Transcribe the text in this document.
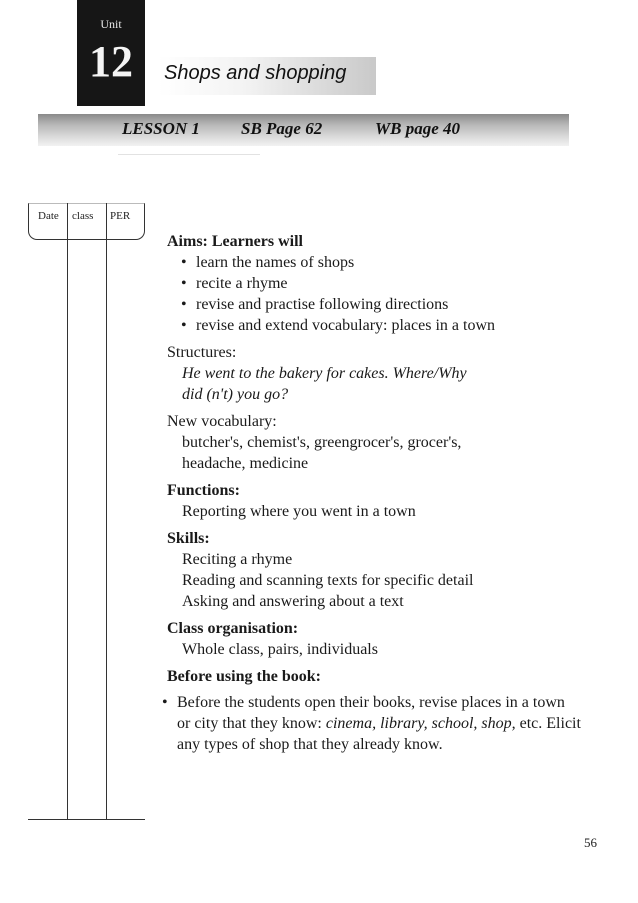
Unit
12	Shops and shopping
LESSON 1 SB Page 62	WB page 40
Date class PER
Aims: Learners will
• learn the names of shops
• recite a rhyme
• revise and practise following directions
• revise and extend vocabulary: places in a town
Structures:
He went to the bakery for cakes. Where/Why
did (n't) you go?
New vocabulary:
butcher's, chemist's, greengrocer's, grocer's,
headache, medicine
Functions:
Reporting where you went in a town
Skills:
Reciting a rhyme
Reading and scanning texts for specific detail
Asking and answering about a text
Class organisation:
Whole class, pairs, individuals
Before using the book:
• Before the students open their books, revise places in a town or city that they know: cinema, library, school, shop, etc. Elicit any types of shop that they already know.
56
